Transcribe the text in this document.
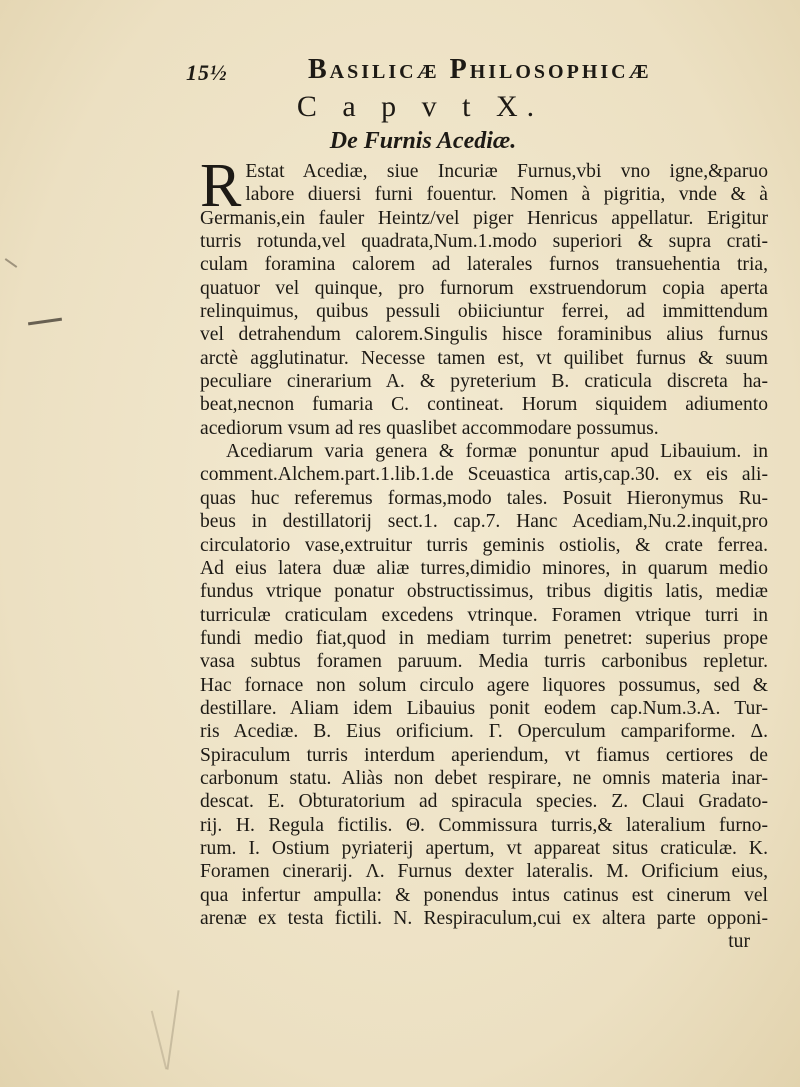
15½	Basilicæ Philosophicæ
C a p v t X.
De Furnis Acediæ.
R Estat Acediæ, siue Incuriæ Furnus,vbi vno igne,&paruo
labore diuersi furni fouentur. Nomen à pigritia, vnde & à
Germanis,ein fauler Heintz/vel piger Henricus appellatur. Erigitur
turris rotunda,vel quadrata,Num.1.modo superiori & supra crati-
culam foramina calorem ad laterales furnos transuehentia tria,
quatuor vel quinque, pro furnorum exstruendorum copia aperta
relinquimus, quibus pessuli obiiciuntur ferrei, ad immittendum
vel detrahendum calorem.Singulis hisce foraminibus alius furnus
arctè agglutinatur. Necesse tamen est, vt quilibet furnus & suum
peculiare cinerarium A. & pyreterium B. craticula discreta ha-
beat,necnon fumaria C. contineat. Horum siquidem adiumento
acediorum vsum ad res quaslibet accommodare possumus.
Acediarum varia genera & formæ ponuntur apud Libauium. in
comment.Alchem.part.1.lib.1.de Sceuastica artis,cap.30. ex eis ali-
quas huc referemus formas,modo tales. Posuit Hieronymus Ru-
beus in destillatorij sect.1. cap.7. Hanc Acediam,Nu.2.inquit,pro
circulatorio vase,extruitur turris geminis ostiolis, & crate ferrea.
Ad eius latera duæ aliæ turres,dimidio minores, in quarum medio
fundus vtrique ponatur obstructissimus, tribus digitis latis, mediæ
turriculæ craticulam excedens vtrinque. Foramen vtrique turri in
fundi medio fiat,quod in mediam turrim penetret: superius prope
vasa subtus foramen paruum. Media turris carbonibus repletur.
Hac fornace non solum circulo agere liquores possumus, sed &
destillare. Aliam idem Libauius ponit eodem cap.Num.3.A. Tur-
ris Acediæ. B. Eius orificium. Γ. Operculum campariforme. Δ.
Spiraculum turris interdum aperiendum, vt fiamus certiores de
carbonum statu. Aliàs non debet respirare, ne omnis materia inar-
descat. E. Obturatorium ad spiracula species. Z. Claui Gradato-
rij. H. Regula fictilis. Θ. Commissura turris,& lateralium furno-
rum. I. Ostium pyriaterij apertum, vt appareat situs craticulæ. K.
Foramen cinerarij. Λ. Furnus dexter lateralis. M. Orificium eius,
qua infertur ampulla: & ponendus intus catinus est cinerum vel
arenæ ex testa fictili. N. Respiraculum,cui ex altera parte opponi-
tur
